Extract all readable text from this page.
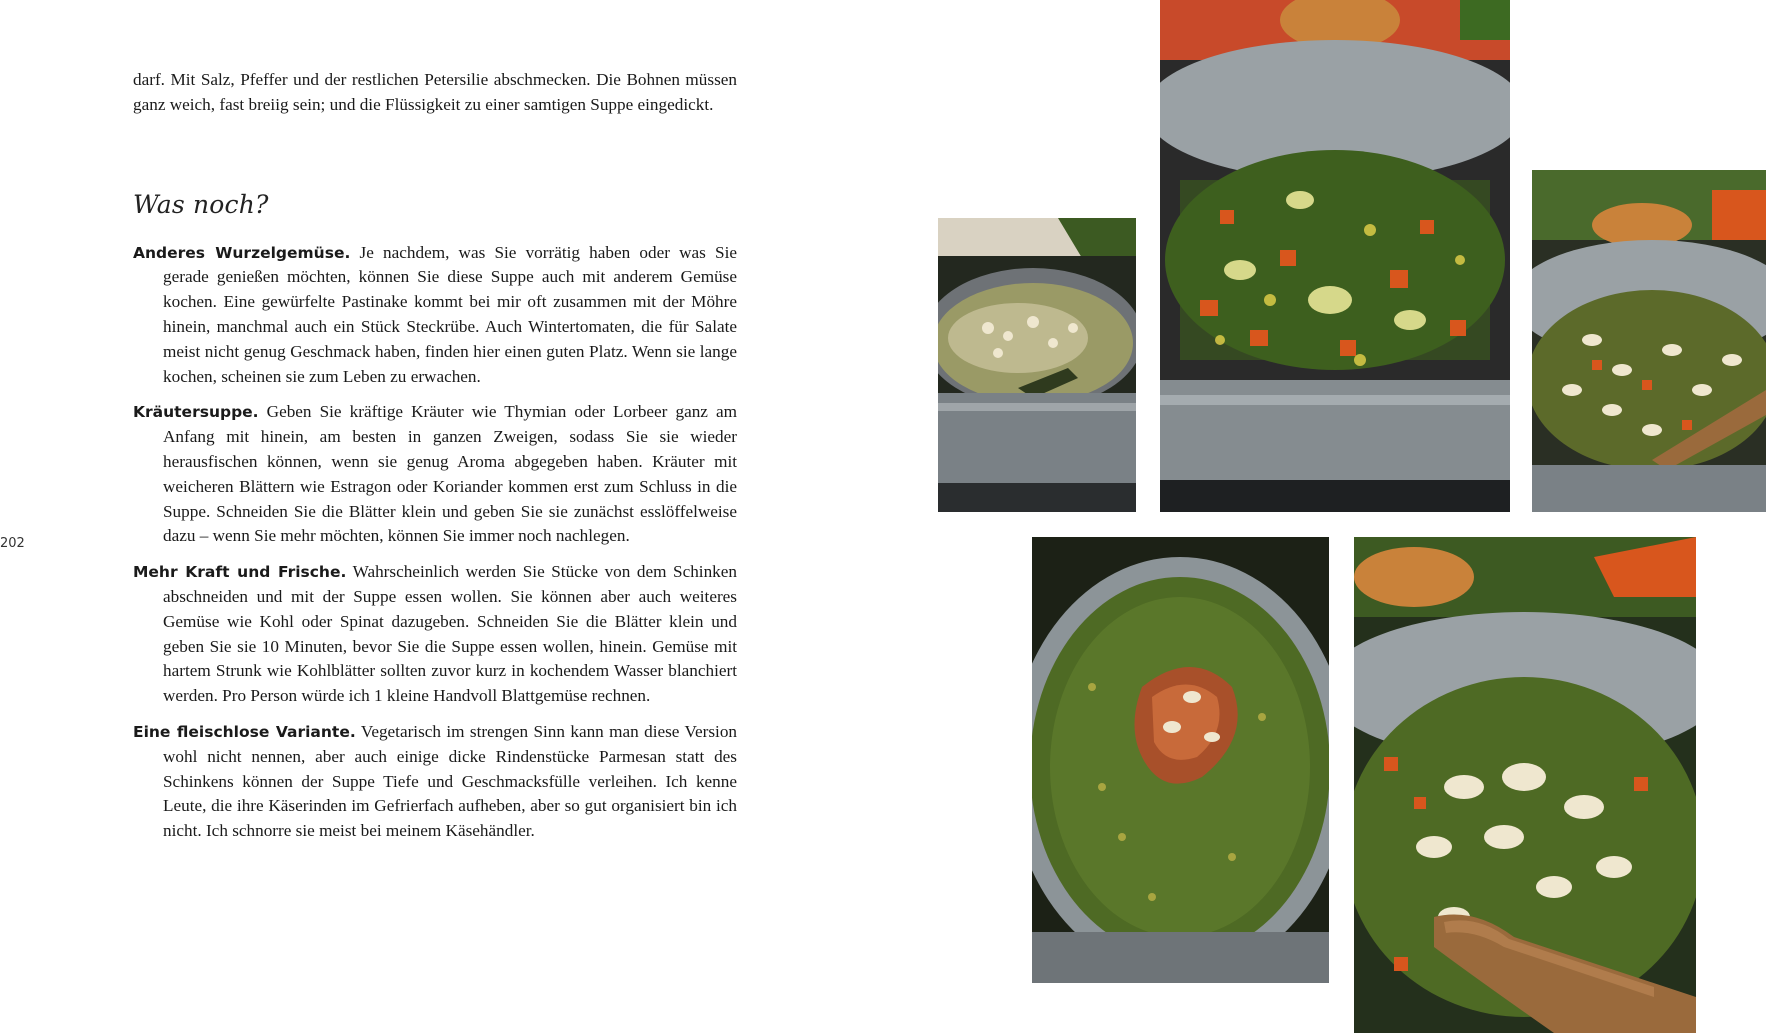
202

darf. Mit Salz, Pfeffer und der restlichen Petersilie abschmecken. Die Bohnen müssen ganz weich, fast breiig sein; und die Flüssigkeit zu einer samtigen Suppe eingedickt.

Was noch?

Anderes Wurzelgemüse. Je nachdem, was Sie vorrätig haben oder was Sie gerade genießen möchten, können Sie diese Suppe auch mit anderem Gemüse kochen. Eine gewürfelte Pastinake kommt bei mir oft zusammen mit der Möhre hinein, manchmal auch ein Stück Steckrübe. Auch Wintertomaten, die für Salate meist nicht genug Geschmack haben, finden hier einen guten Platz. Wenn sie lange kochen, scheinen sie zum Leben zu erwachen.

Kräutersuppe. Geben Sie kräftige Kräuter wie Thymian oder Lorbeer ganz am Anfang mit hinein, am besten in ganzen Zweigen, sodass Sie sie wieder herausfischen können, wenn sie genug Aroma abgegeben haben. Kräuter mit weicheren Blättern wie Estragon oder Koriander kommen erst zum Schluss in die Suppe. Schneiden Sie die Blätter klein und geben Sie sie zunächst esslöffelweise dazu – wenn Sie mehr möchten, können Sie immer noch nachlegen.

Mehr Kraft und Frische. Wahrscheinlich werden Sie Stücke von dem Schinken abschneiden und mit der Suppe essen wollen. Sie können aber auch weiteres Gemüse wie Kohl oder Spinat dazugeben. Schneiden Sie die Blätter klein und geben Sie sie 10 Minuten, bevor Sie die Suppe essen wollen, hinein. Gemüse mit hartem Strunk wie Kohlblätter sollten zuvor kurz in kochendem Wasser blanchiert werden. Pro Person würde ich 1 kleine Handvoll Blattgemüse rechnen.

Eine fleischlose Variante. Vegetarisch im strengen Sinn kann man diese Version wohl nicht nennen, aber auch einige dicke Rindenstücke Parmesan statt des Schinkens können der Suppe Tiefe und Geschmacksfülle verleihen. Ich kenne Leute, die ihre Käserinden im Gefrierfach aufheben, aber so gut organisiert bin ich nicht. Ich schnorre sie meist bei meinem Käsehändler.
